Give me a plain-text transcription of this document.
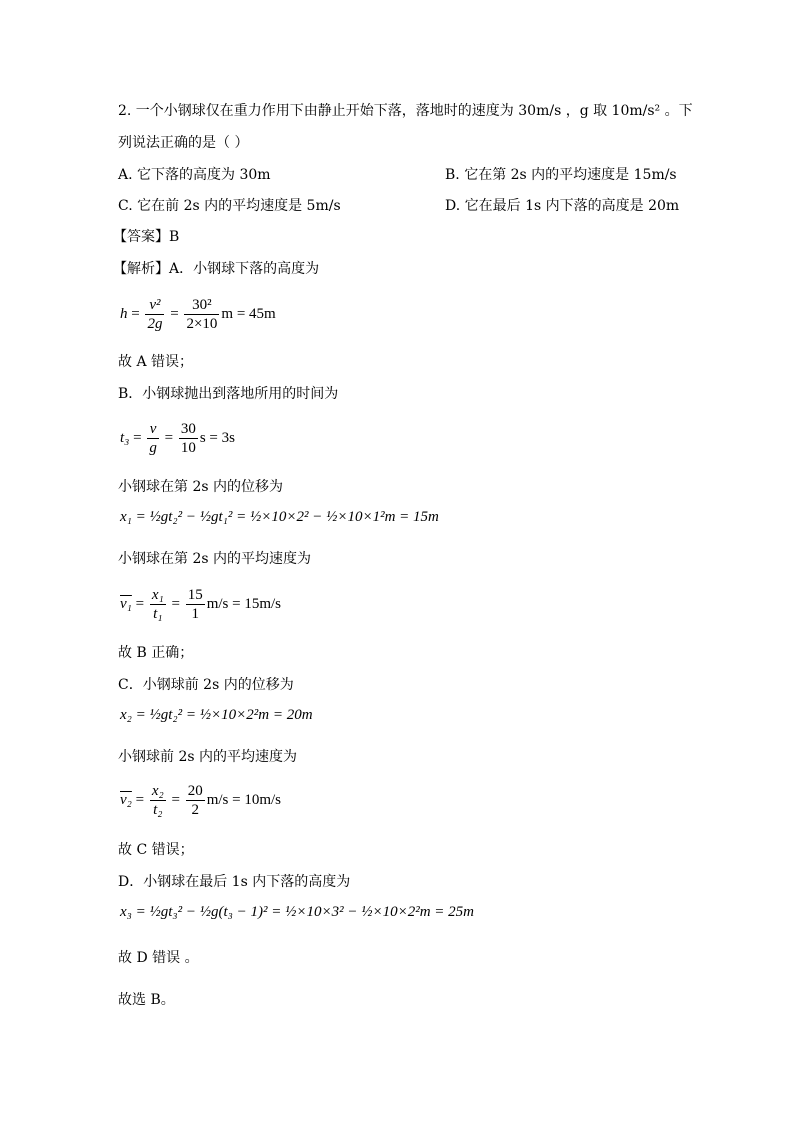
2. 一个小钢球仅在重力作用下由静止开始下落，落地时的速度为 30m/s ，g 取 10m/s² 。下
列说法正确的是（ ）
A. 它下落的高度为 30m	B. 它在第 2s 内的平均速度是 15m/s
C. 它在前 2s 内的平均速度是 5m/s	D. 它在最后 1s 内下落的高度是 20m
【答案】B
【解析】A．小钢球下落的高度为
$h = \frac{\text{v²}}{2g} = \frac{\text{30²}}{2\times 10}$ m = 45m
故 A 错误；
B．小钢球抛出到落地所用的时间为
$t_3 = \frac{v}{g} = \frac{30}{10}$ s = 3s
小钢球在第 2s 内的位移为
x₁ = ½gt₂² − ½gt₁² = ½×10×2² − ½×10×1²m = 15m
小钢球在第 2s 内的平均速度为
$v_1 = \frac{\text{x₁}}{\text{t₁}} = \frac{15}{1} m/s = 15m/s$
故 B 正确；
C．小钢球前 2s 内的位移为
x₂ = ½gt₂² = ½×10×2²m = 20m
小钢球前 2s 内的平均速度为
$v_2 = \frac{\text{x₂}}{\text{t₂}} = \frac{20}{2} m/s = 10m/s$
故 C 错误；
D．小钢球在最后 1s 内下落的高度为
x₃ = ½gt₃² − ½g(t₃ − 1)² = ½×10×3² − ½×10×2²m = 25m
故 D 错误 。
故选 B。
